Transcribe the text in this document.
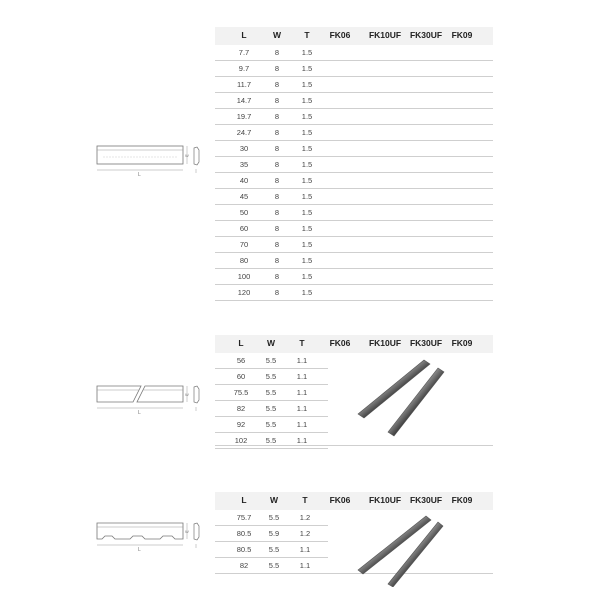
L	W	T FK06 FK10UF FK30UF FK09
7.7	8	1.5
9.7	8	1.5
11.7	8	1.5
14.7	8	1.5
19.7	8	1.5
24.7	8	1.5
30	8	1.5
35	8	1.5
40	8	1.5
45	8	1.5
50	8	1.5
60	8	1.5
70	8	1.5
80	8	1.5
100	8	1.5
120	8	1.5
L
W
L	W	T	FK06 FK10UF FK30UF FK09
56	5.5	1.1
60	5.5	1.1
75.5 5.5	1.1
82	5.5	1.1
92	5.5	1.1
102 5.5	1.1
L
W
L	W	T	FK06 FK10UF FK30UF FK09
75.7 5.5	1.2
80.5 5.9	1.2
80.5 5.5	1.1
82	5.5	1.1
L
W
